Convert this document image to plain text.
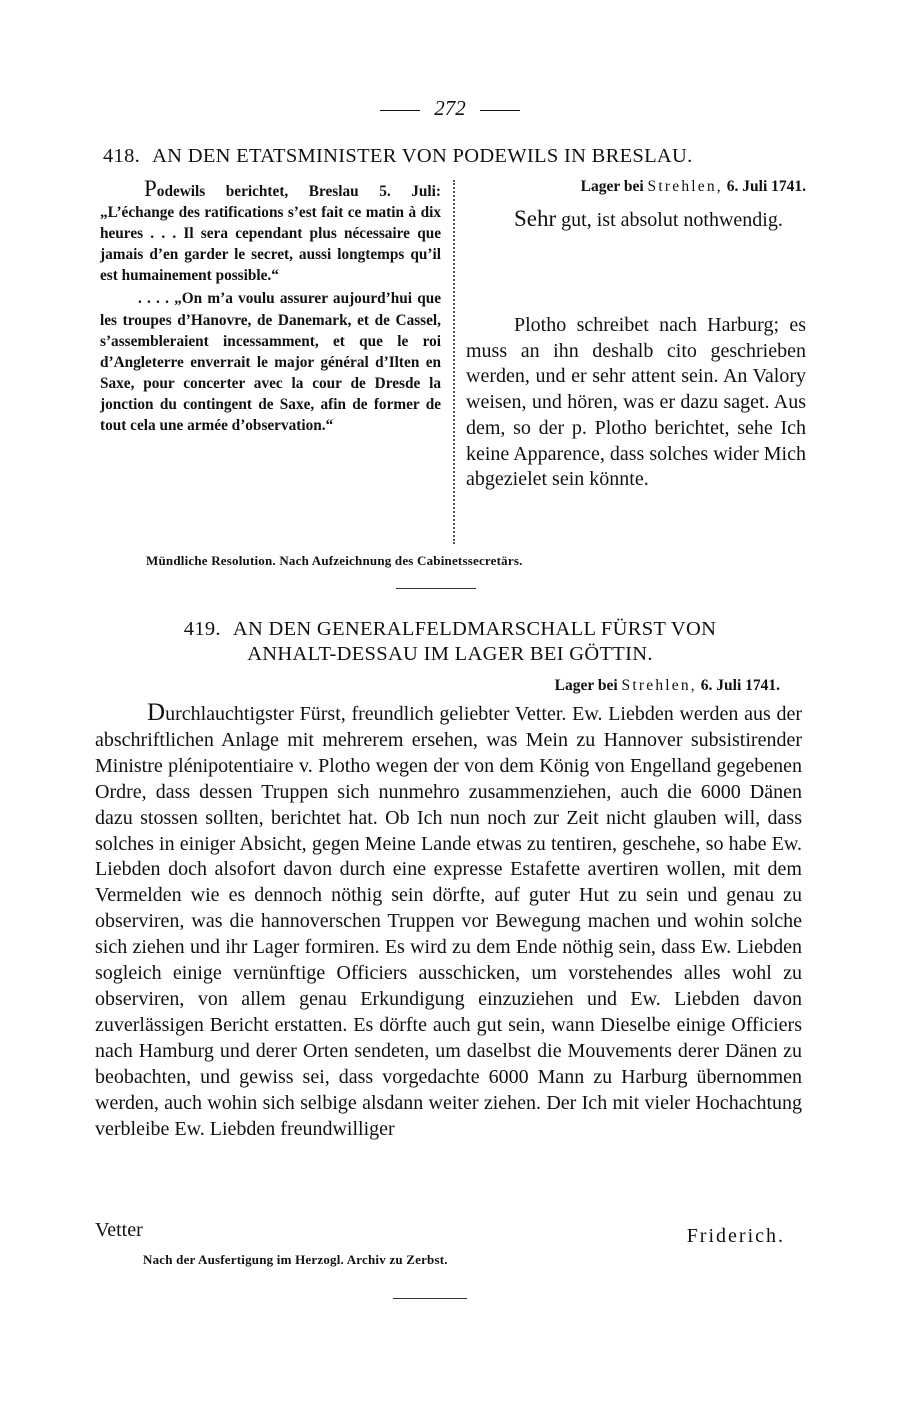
272
418. AN DEN ETATSMINISTER VON PODEWILS IN BRESLAU.

Podewils berichtet, Breslau 5. Juli: „L’échange des ratifications s’est fait ce matin à dix heures . . . Il sera cependant plus nécessaire que jamais d’en garder le secret, aussi longtemps qu’il est humainement possible.“

. . . . „On m’a voulu assurer aujourd’hui que les troupes d’Hanovre, de Danemark, et de Cassel, s’assembleraient incessamment, et que le roi d’Angleterre enverrait le major général d’Ilten en Saxe, pour concerter avec la cour de Dresde la jonction du contingent de Saxe, afin de former de tout cela une armée d’observation.“

Lager bei Strehlen, 6. Juli 1741.
Sehr gut, ist absolut nothwendig.

Plotho schreibet nach Harburg; es muss an ihn deshalb cito geschrieben werden, und er sehr attent sein. An Valory weisen, und hören, was er dazu saget. Aus dem, so der p. Plotho berichtet, sehe Ich keine Apparence, dass solches wider Mich abgezielet sein könnte.

Mündliche Resolution. Nach Aufzeichnung des Cabinetssecretärs.
419. AN DEN GENERALFELDMARSCHALL FÜRST VON
ANHALT-DESSAU IM LAGER BEI GÖTTIN.
Lager bei Strehlen, 6. Juli 1741.

Durchlauchtigster Fürst, freundlich geliebter Vetter. Ew. Liebden werden aus der abschriftlichen Anlage mit mehrerem ersehen, was Mein zu Hannover subsistirender Ministre plénipotentiaire v. Plotho wegen der von dem König von Engelland gegebenen Ordre, dass dessen Truppen sich nunmehro zusammenziehen, auch die 6000 Dänen dazu stossen sollten, berichtet hat. Ob Ich nun noch zur Zeit nicht glauben will, dass solches in einiger Absicht, gegen Meine Lande etwas zu tentiren, geschehe, so habe Ew. Liebden doch alsofort davon durch eine expresse Estafette avertiren wollen, mit dem Vermelden wie es dennoch nöthig sein dörfte, auf guter Hut zu sein und genau zu observiren, was die hannoverschen Truppen vor Bewegung machen und wohin solche sich ziehen und ihr Lager formiren. Es wird zu dem Ende nöthig sein, dass Ew. Liebden sogleich einige vernünftige Officiers ausschicken, um vorstehendes alles wohl zu observiren, von allem genau Erkundigung einzuziehen und Ew. Liebden davon zuverlässigen Bericht erstatten. Es dörfte auch gut sein, wann Dieselbe einige Officiers nach Hamburg und derer Orten sendeten, um daselbst die Mouvements derer Dänen zu beobachten, und gewiss sei, dass vorgedachte 6000 Mann zu Harburg übernommen werden, auch wohin sich selbige alsdann weiter ziehen. Der Ich mit vieler Hochachtung verbleibe Ew. Liebden freundwilliger

Vetter	Friderich.
Nach der Ausfertigung im Herzogl. Archiv zu Zerbst.
